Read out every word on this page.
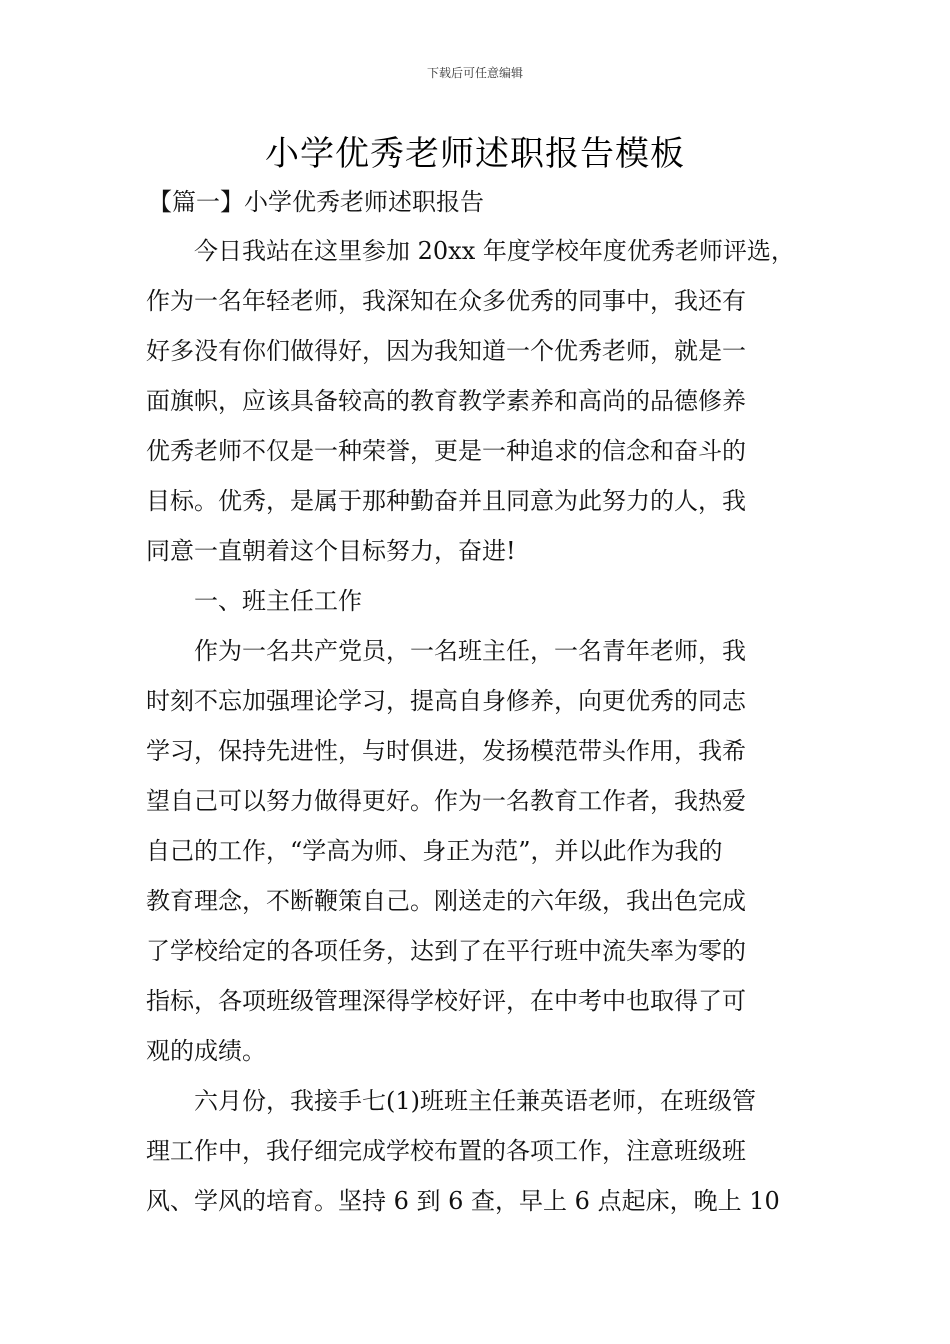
下载后可任意编辑
小学优秀老师述职报告模板
【篇一】小学优秀老师述职报告

今日我站在这里参加 20xx 年度学校年度优秀老师评选，
作为一名年轻老师，我深知在众多优秀的同事中，我还有
好多没有你们做得好，因为我知道一个优秀老师，就是一
面旗帜，应该具备较高的教育教学素养和高尚的品德修养
优秀老师不仅是一种荣誉，更是一种追求的信念和奋斗的
目标。优秀，是属于那种勤奋并且同意为此努力的人，我
同意一直朝着这个目标努力，奋进!

一、班主任工作

作为一名共产党员，一名班主任，一名青年老师，我
时刻不忘加强理论学习，提高自身修养，向更优秀的同志
学习，保持先进性，与时俱进，发扬模范带头作用，我希
望自己可以努力做得更好。作为一名教育工作者，我热爱
自己的工作，“学高为师、身正为范”，并以此作为我的
教育理念，不断鞭策自己。刚送走的六年级，我出色完成
了学校给定的各项任务，达到了在平行班中流失率为零的
指标，各项班级管理深得学校好评，在中考中也取得了可
观的成绩。

六月份，我接手七(1)班班主任兼英语老师，在班级管
理工作中，我仔细完成学校布置的各项工作，注意班级班
风、学风的培育。坚持 6 到 6 查，早上 6 点起床，晚上 10
